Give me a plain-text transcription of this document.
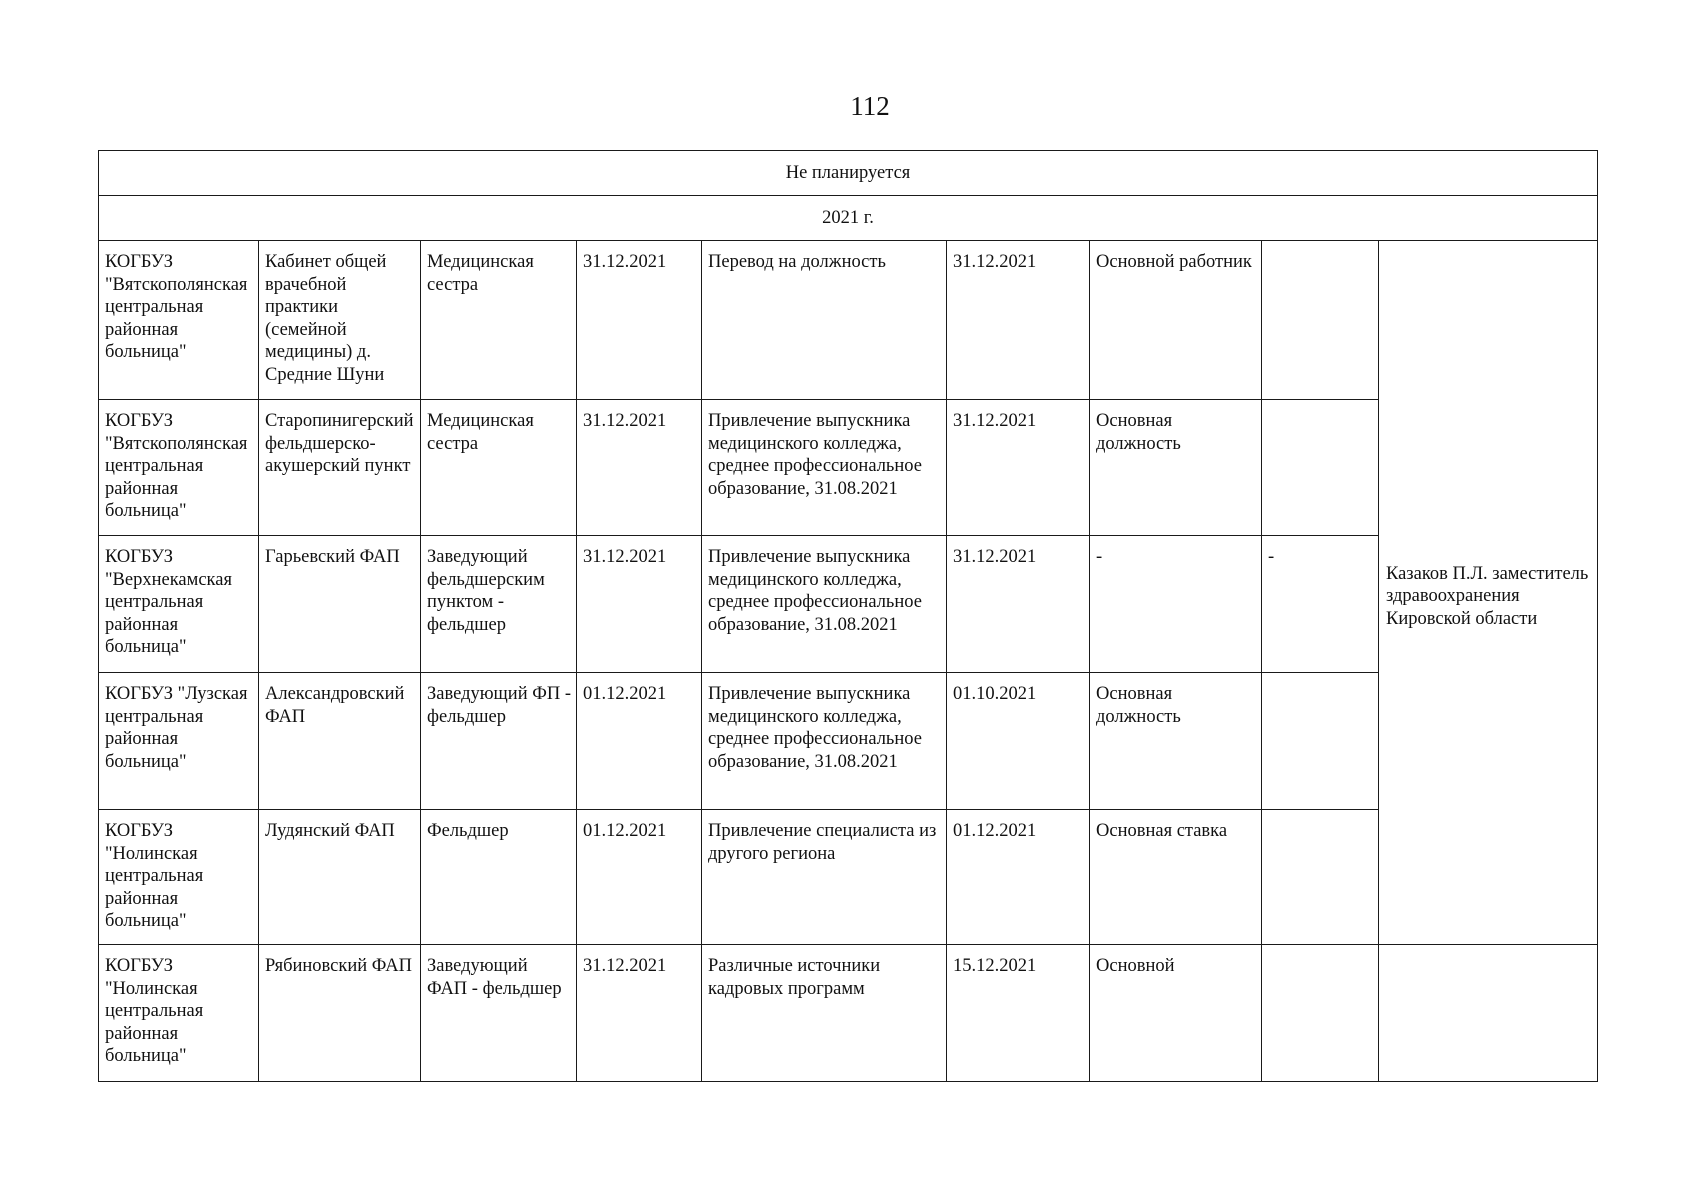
112
Не планируется								
2021 г.								
КОГБУЗ "Вятскополянская центральная районная больница"	Кабинет общей врачебной практики (семейной медицины) д. Средние Шуни	Медицинская сестра	31.12.2021	Перевод на должность	31.12.2021	Основной работник		Казаков П.Л. заместитель здравоохранения Кировской области
КОГБУЗ "Вятскополянская центральная районная больница"	Старопинигерский фельдшерско-акушерский пункт	Медицинская сестра	31.12.2021	Привлечение выпускника медицинского колледжа, среднее профессиональное образование, 31.08.2021	31.12.2021	Основная должность		
КОГБУЗ "Верхнекамская центральная районная больница"	Гарьевский ФАП	Заведующий фельдшерским пунктом - фельдшер	31.12.2021	Привлечение выпускника медицинского колледжа, среднее профессиональное образование, 31.08.2021	31.12.2021	-	-	
КОГБУЗ "Лузская центральная районная больница"	Александровский ФАП	Заведующий ФП - фельдшер	01.12.2021	Привлечение выпускника медицинского колледжа, среднее профессиональное образование, 31.08.2021	01.10.2021	Основная должность		
КОГБУЗ "Нолинская центральная районная больница"	Лудянский ФАП	Фельдшер	01.12.2021	Привлечение специалиста из другого региона	01.12.2021	Основная ставка		
КОГБУЗ "Нолинская центральная районная больница"	Рябиновский ФАП	Заведующий ФАП - фельдшер	31.12.2021	Различные источники кадровых программ	15.12.2021	Основной		
